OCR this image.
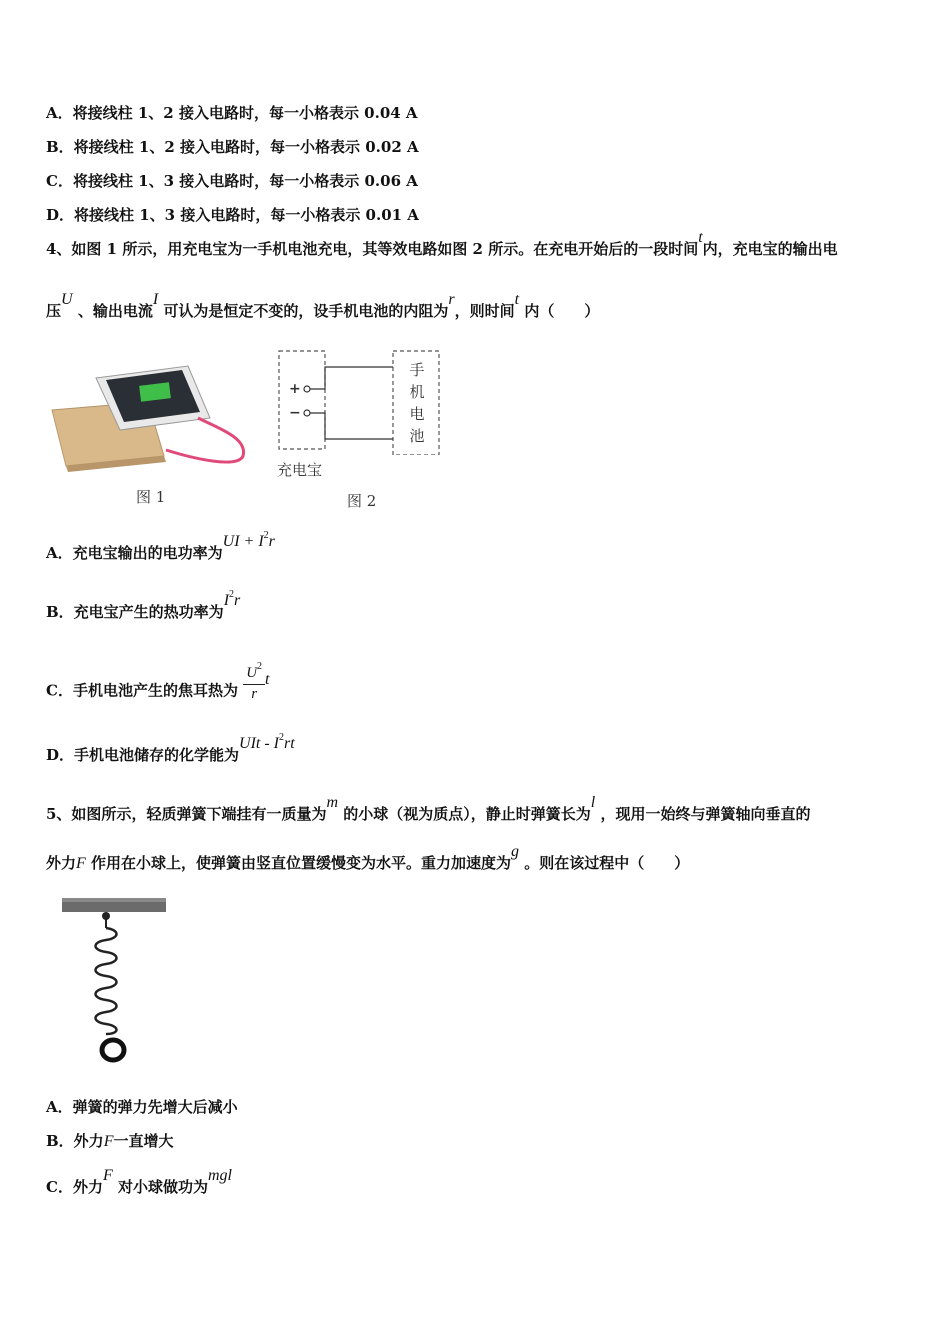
A．将接线柱 1、2 接入电路时，每一小格表示 0.04 A
B．将接线柱 1、2 接入电路时，每一小格表示 0.02 A
C．将接线柱 1、3 接入电路时，每一小格表示 0.06 A
D．将接线柱 1、3 接入电路时，每一小格表示 0.01 A
4、如图 1 所示，用充电宝为一手机电池充电，其等效电路如图 2 所示。在充电开始后的一段时间t内，充电宝的输出电
压U 、输出电流I 可认为是恒定不变的，设手机电池的内阻为r，则时间t 内（　　）
图 1
+
−
手
机
电
池
充电宝
图 2
A．充电宝输出的电功率为UI + $I^2r$
B．充电宝产生的热功率为$I^2r$
C．手机电池产生的焦耳热为 $\frac{U^2}{r}$ t
D．手机电池储存的化学能为UIt - $I^2rt$
5、如图所示，轻质弹簧下端挂有一质量为m 的小球（视为质点），静止时弹簧长为l ，现用一始终与弹簧轴向垂直的
外力F 作用在小球上，使弹簧由竖直位置缓慢变为水平。重力加速度为g 。则在该过程中（　　）
A．弹簧的弹力先增大后减小
B．外力F一直增大
C．外力F 对小球做功为mgl
